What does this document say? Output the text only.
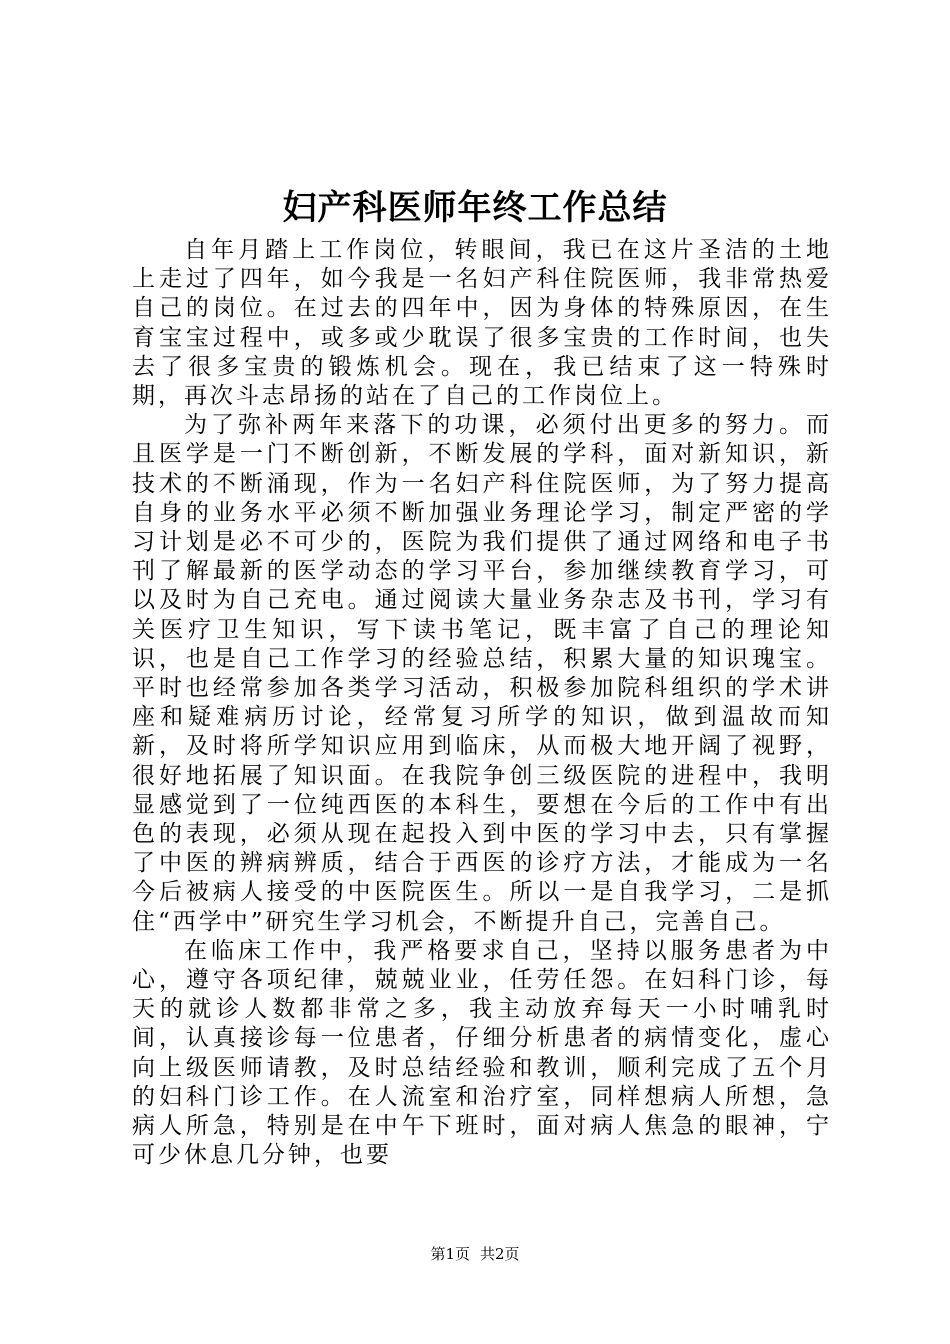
妇产科医师年终工作总结

自年月踏上工作岗位，转眼间，我已在这片圣洁的土地上走过了四年，如今我是一名妇产科住院医师，我非常热爱自己的岗位。在过去的四年中，因为身体的特殊原因，在生育宝宝过程中，或多或少耽误了很多宝贵的工作时间，也失去了很多宝贵的锻炼机会。现在，我已结束了这一特殊时期，再次斗志昂扬的站在了自己的工作岗位上。

为了弥补两年来落下的功课，必须付出更多的努力。而且医学是一门不断创新，不断发展的学科，面对新知识，新技术的不断涌现，作为一名妇产科住院医师，为了努力提高自身的业务水平必须不断加强业务理论学习，制定严密的学习计划是必不可少的，医院为我们提供了通过网络和电子书刊了解最新的医学动态的学习平台，参加继续教育学习，可以及时为自己充电。通过阅读大量业务杂志及书刊，学习有关医疗卫生知识，写下读书笔记，既丰富了自己的理论知识，也是自己工作学习的经验总结，积累大量的知识瑰宝。平时也经常参加各类学习活动，积极参加院科组织的学术讲座和疑难病历讨论，经常复习所学的知识，做到温故而知新，及时将所学知识应用到临床，从而极大地开阔了视野，很好地拓展了知识面。在我院争创三级医院的进程中，我明显感觉到了一位纯西医的本科生，要想在今后的工作中有出色的表现，必须从现在起投入到中医的学习中去，只有掌握了中医的辨病辨质，结合于西医的诊疗方法，才能成为一名今后被病人接受的中医院医生。所以一是自我学习，二是抓住“西学中”研究生学习机会，不断提升自己，完善自己。

在临床工作中，我严格要求自己，坚持以服务患者为中心，遵守各项纪律，兢兢业业，任劳任怨。在妇科门诊，每天的就诊人数都非常之多，我主动放弃每天一小时哺乳时间，认真接诊每一位患者，仔细分析患者的病情变化，虚心向上级医师请教，及时总结经验和教训，顺利完成了五个月的妇科门诊工作。在人流室和治疗室，同样想病人所想，急病人所急，特别是在中午下班时，面对病人焦急的眼神，宁可少休息几分钟，也要

第1页 共2页
